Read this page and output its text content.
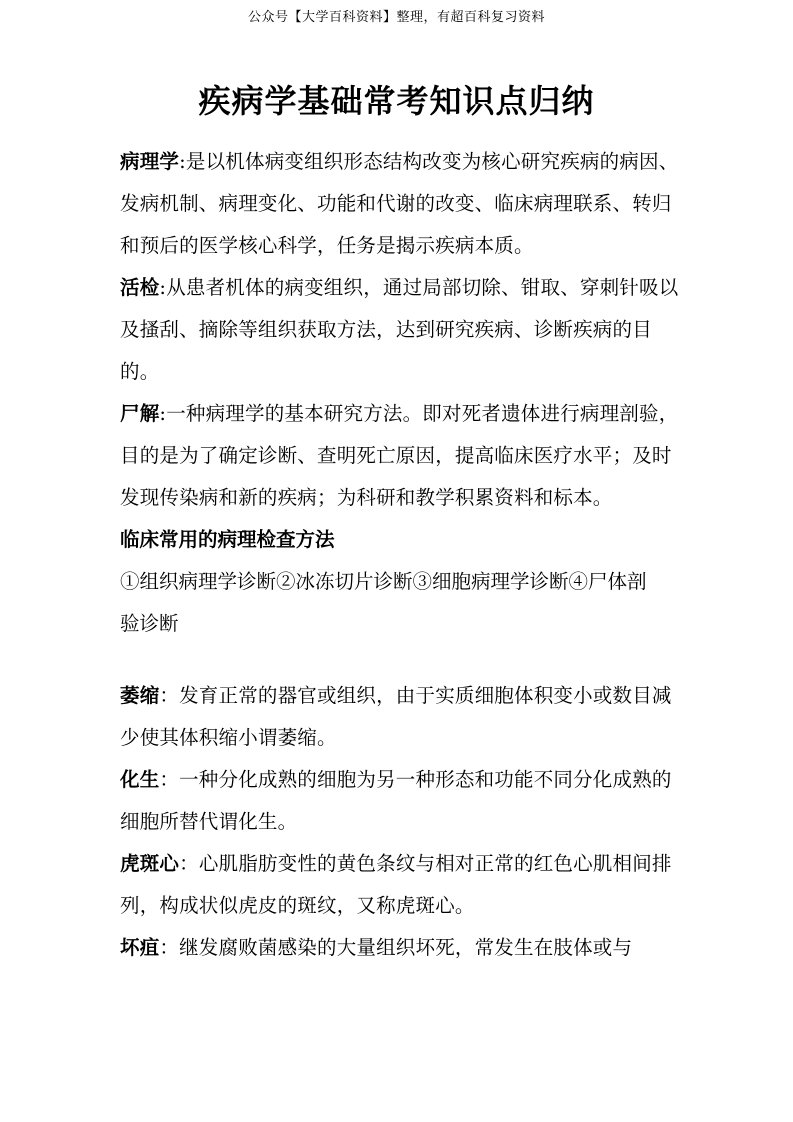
公众号【大学百科资料】整理，有超百科复习资料
疾病学基础常考知识点归纳

病理学:是以机体病变组织形态结构改变为核心研究疾病的病因、发病机制、病理变化、功能和代谢的改变、临床病理联系、转归和预后的医学核心科学，任务是揭示疾病本质。

活检:从患者机体的病变组织，通过局部切除、钳取、穿刺针吸以及搔刮、摘除等组织获取方法，达到研究疾病、诊断疾病的目的。

尸解:一种病理学的基本研究方法。即对死者遗体进行病理剖验，目的是为了确定诊断、查明死亡原因，提高临床医疗水平；及时发现传染病和新的疾病；为科研和教学积累资料和标本。

临床常用的病理检查方法

①组织病理学诊断②冰冻切片诊断③细胞病理学诊断④尸体剖验诊断

萎缩：发育正常的器官或组织，由于实质细胞体积变小或数目减少使其体积缩小谓萎缩。

化生：一种分化成熟的细胞为另一种形态和功能不同分化成熟的细胞所替代谓化生。

虎斑心：心肌脂肪变性的黄色条纹与相对正常的红色心肌相间排列，构成状似虎皮的斑纹，又称虎斑心。

坏疽：继发腐败菌感染的大量组织坏死，常发生在肢体或与
